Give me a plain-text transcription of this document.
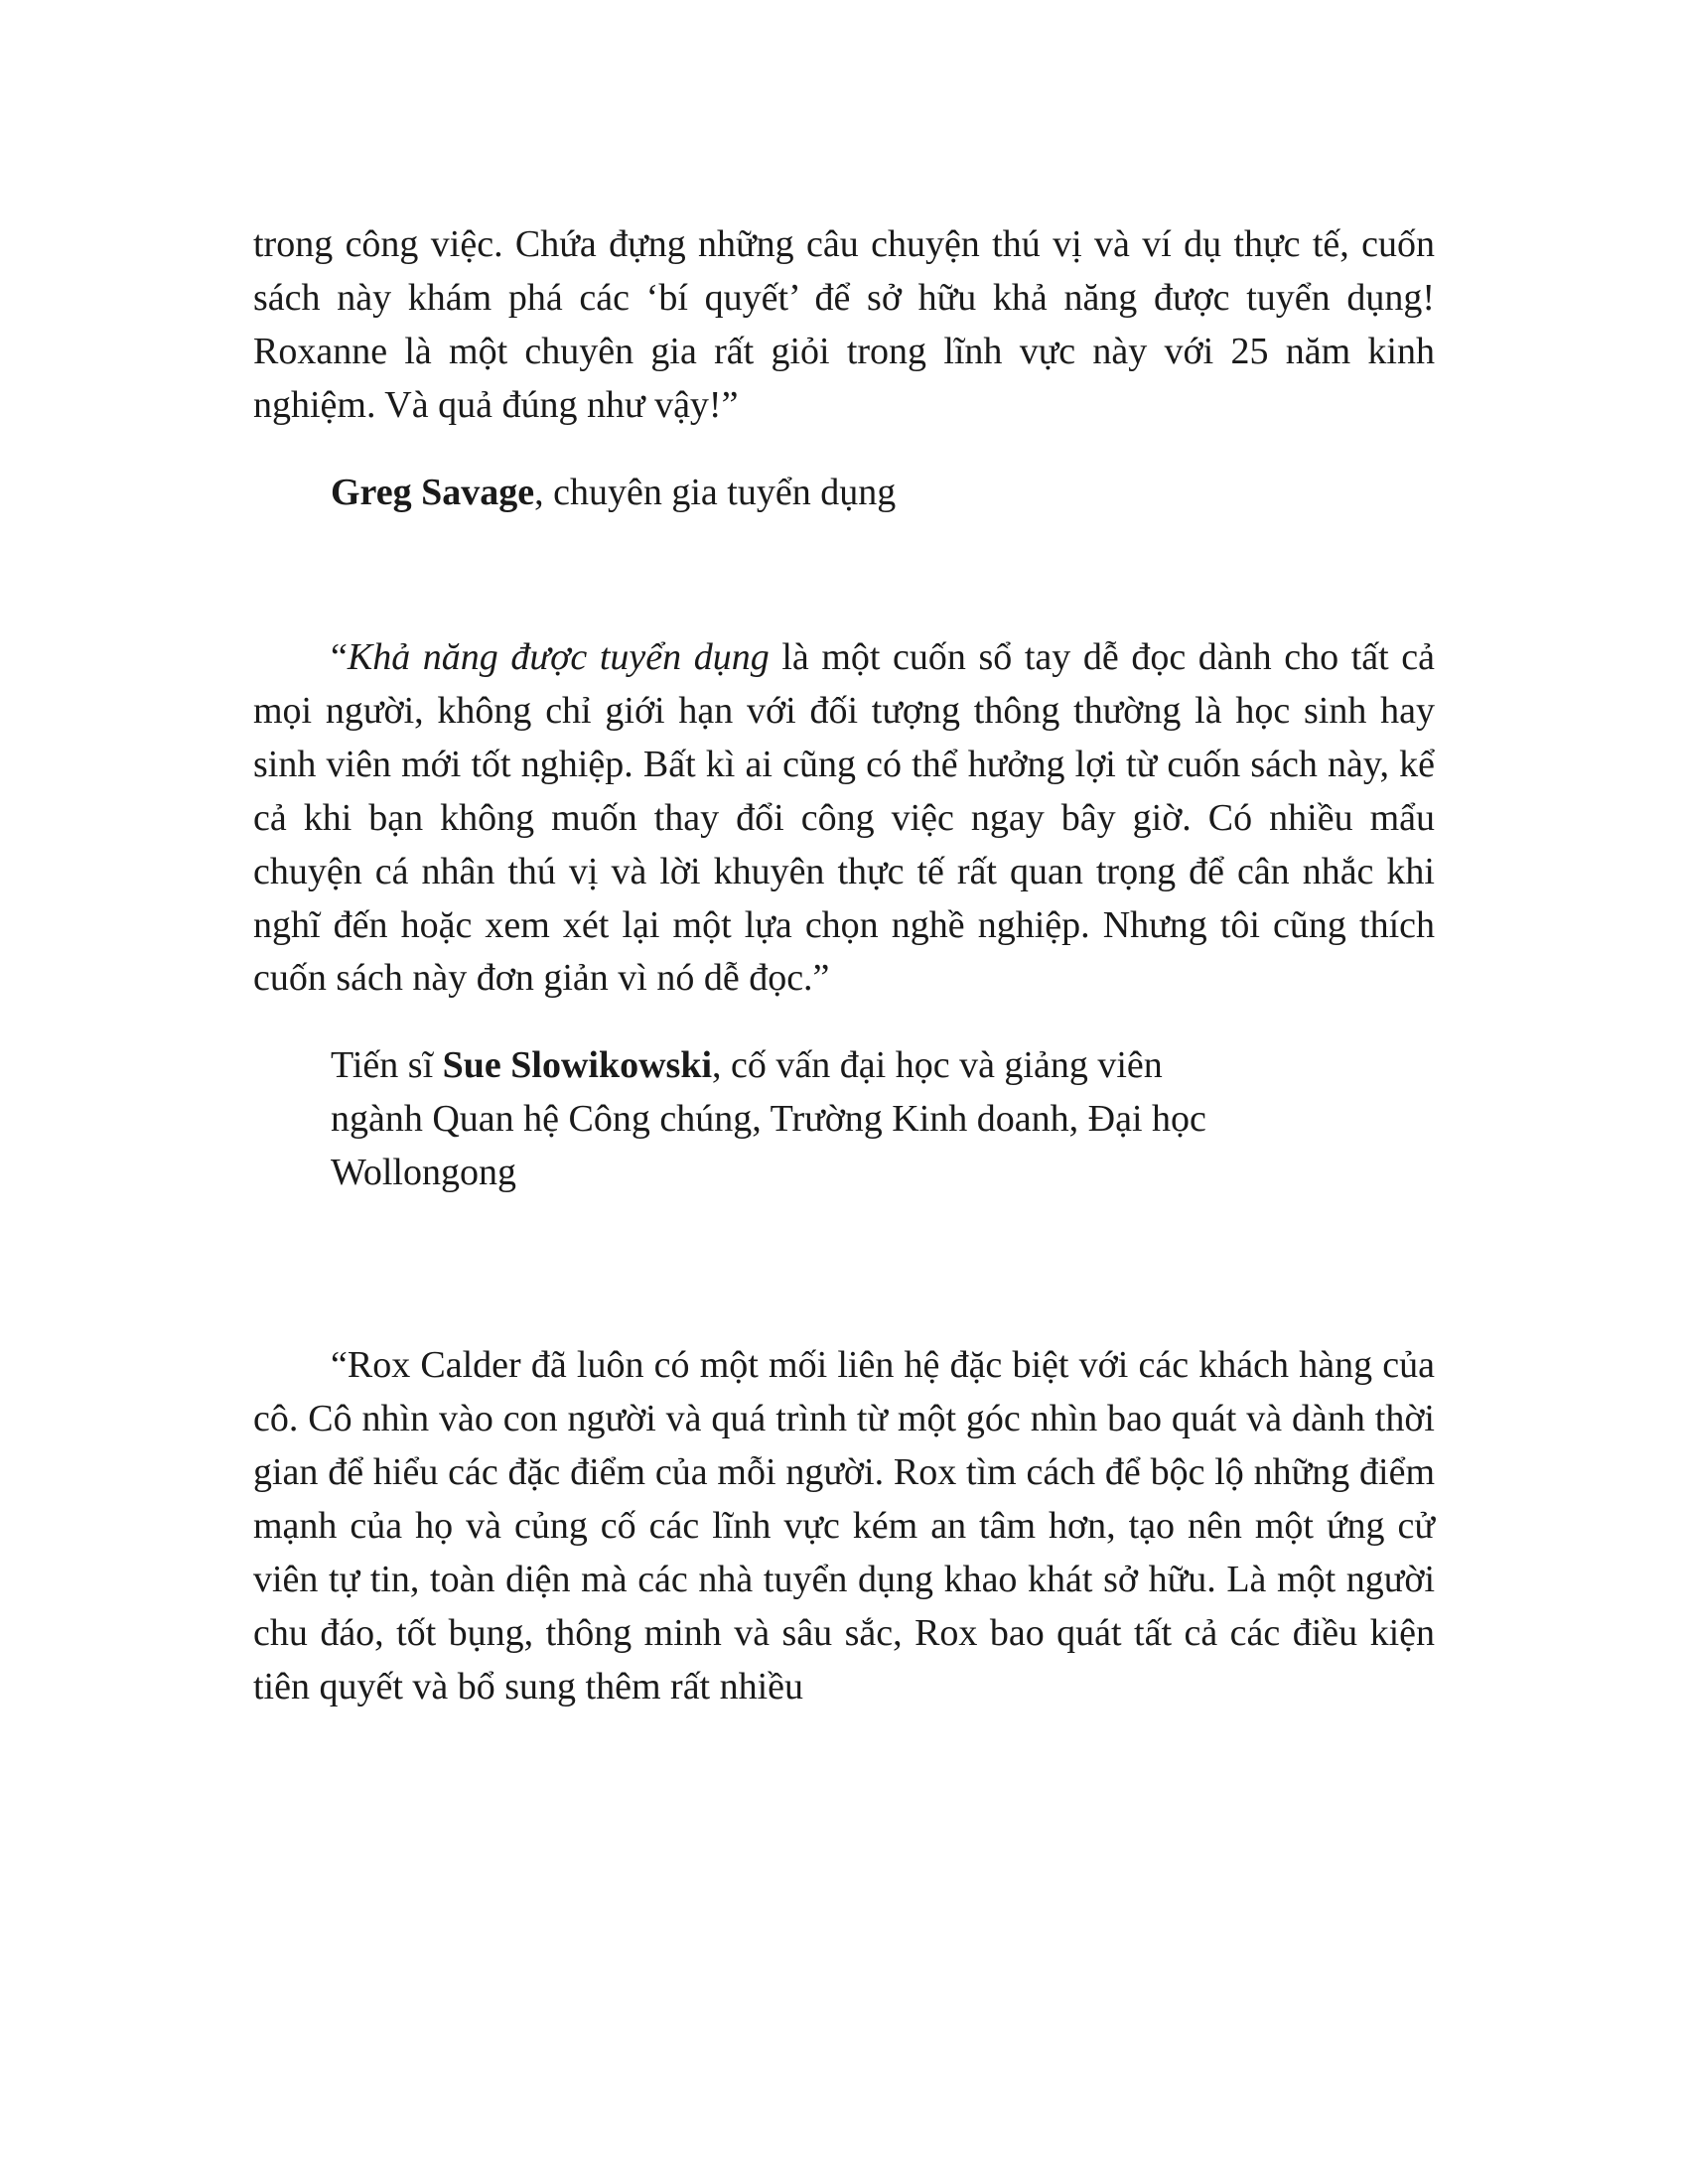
trong công việc. Chứa đựng những câu chuyện thú vị và ví dụ thực tế, cuốn sách này khám phá các ‘bí quyết’ để sở hữu khả năng được tuyển dụng! Roxanne là một chuyên gia rất giỏi trong lĩnh vực này với 25 năm kinh nghiệm. Và quả đúng như vậy!”

Greg Savage, chuyên gia tuyển dụng

“Khả năng được tuyển dụng là một cuốn sổ tay dễ đọc dành cho tất cả mọi người, không chỉ giới hạn với đối tượng thông thường là học sinh hay sinh viên mới tốt nghiệp. Bất kì ai cũng có thể hưởng lợi từ cuốn sách này, kể cả khi bạn không muốn thay đổi công việc ngay bây giờ. Có nhiều mẩu chuyện cá nhân thú vị và lời khuyên thực tế rất quan trọng để cân nhắc khi nghĩ đến hoặc xem xét lại một lựa chọn nghề nghiệp. Nhưng tôi cũng thích cuốn sách này đơn giản vì nó dễ đọc.”

Tiến sĩ Sue Slowikowski, cố vấn đại học và giảng viên ngành Quan hệ Công chúng, Trường Kinh doanh, Đại học Wollongong

“Rox Calder đã luôn có một mối liên hệ đặc biệt với các khách hàng của cô. Cô nhìn vào con người và quá trình từ một góc nhìn bao quát và dành thời gian để hiểu các đặc điểm của mỗi người. Rox tìm cách để bộc lộ những điểm mạnh của họ và củng cố các lĩnh vực kém an tâm hơn, tạo nên một ứng cử viên tự tin, toàn diện mà các nhà tuyển dụng khao khát sở hữu. Là một người chu đáo, tốt bụng, thông minh và sâu sắc, Rox bao quát tất cả các điều kiện tiên quyết và bổ sung thêm rất nhiều
